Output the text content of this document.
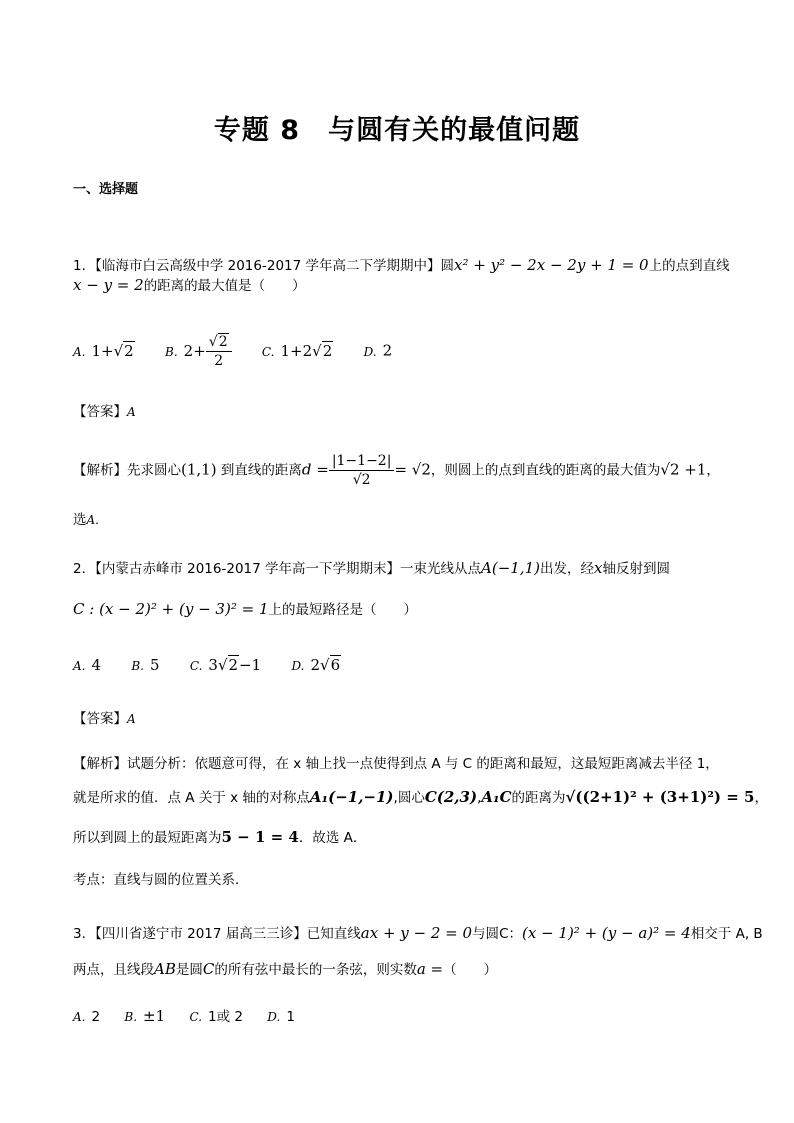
专题 8　与圆有关的最值问题
一、选择题
1．【临海市白云高级中学 2016-2017 学年高二下学期期中】圆x² + y² − 2x − 2y + 1 = 0上的点到直线
x − y = 2的距离的最大值是（　　）
A. 1+ √ 2	B. 2+ √ $\frac{2}{2}$	C. 1+2 √ 2	D. 2
【答案】A
【解析】先求圆心(1,1) 到直线的距离$d = \frac{|1-1-2|}{√2} = √2$，则圆上的点到直线的距离的最大值为√2 +1，
选A.
2．【内蒙古赤峰市 2016-2017 学年高一下学期期末】一束光线从点A(−1,1)出发，经x轴反射到圆
C : (x − 2)² + (y − 3)² = 1上的最短路径是（　　）
A. 4	B. 5	C. 3 √ 2−1	D. 2 √ 6
【答案】A
【解析】试题分析：依题意可得，在 x 轴上找一点使得到点 A 与 C 的距离和最短，这最短距离减去半径 1，
就是所求的值．点 A 关于 x 轴的对称点A₁(−1,−1),圆心C(2,3),A₁C的距离为√((2+1)² + (3+1)²) = 5，
所以到圆上的最短距离为5 − 1 = 4．故选 A．
考点：直线与圆的位置关系．
3．【四川省遂宁市 2017 届高三三诊】已知直线ax + y − 2 = 0与圆C：(x − 1)² + (y − a)² = 4相交于 A, B
两点，且线段AB是圆C的所有弦中最长的一条弦，则实数a =（　　）
A. 2 B. ±1 C. 1或 2 D. 1
